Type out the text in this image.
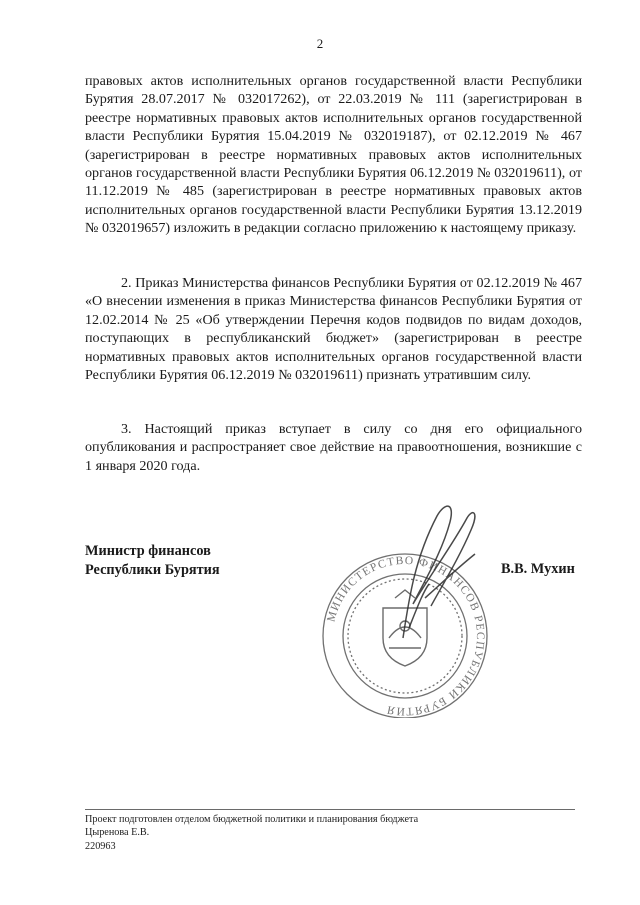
2
правовых актов исполнительных органов государственной власти Республики Бурятия 28.07.2017 № 032017262), от 22.03.2019 № 111 (зарегистрирован в реестре нормативных правовых актов исполнительных органов государственной власти Республики Бурятия 15.04.2019 № 032019187), от 02.12.2019 № 467 (зарегистрирован в реестре нормативных правовых актов исполнительных органов государственной власти Республики Бурятия 06.12.2019 № 032019611), от 11.12.2019 № 485 (зарегистрирован в реестре нормативных правовых актов исполнительных органов государственной власти Республики Бурятия 13.12.2019 № 032019657) изложить в редакции согласно приложению к настоящему приказу.
2. Приказ Министерства финансов Республики Бурятия от 02.12.2019 № 467 «О внесении изменения в приказ Министерства финансов Республики Бурятия от 12.02.2014 № 25 «Об утверждении Перечня кодов подвидов по видам доходов, поступающих в республиканский бюджет» (зарегистрирован в реестре нормативных правовых актов исполнительных органов государственной власти Республики Бурятия 06.12.2019 № 032019611) признать утратившим силу.
3. Настоящий приказ вступает в силу со дня его официального опубликования и распространяет свое действие на правоотношения, возникшие с 1 января 2020 года.
Министр финансов
Республики Бурятия
МИНИСТЕРСТВО ФИНАНСОВ РЕСПУБЛИКИ БУРЯТИЯ
В.В. Мухин
Проект подготовлен отделом бюджетной политики и планирования бюджета
Цыренова Е.В.
220963
